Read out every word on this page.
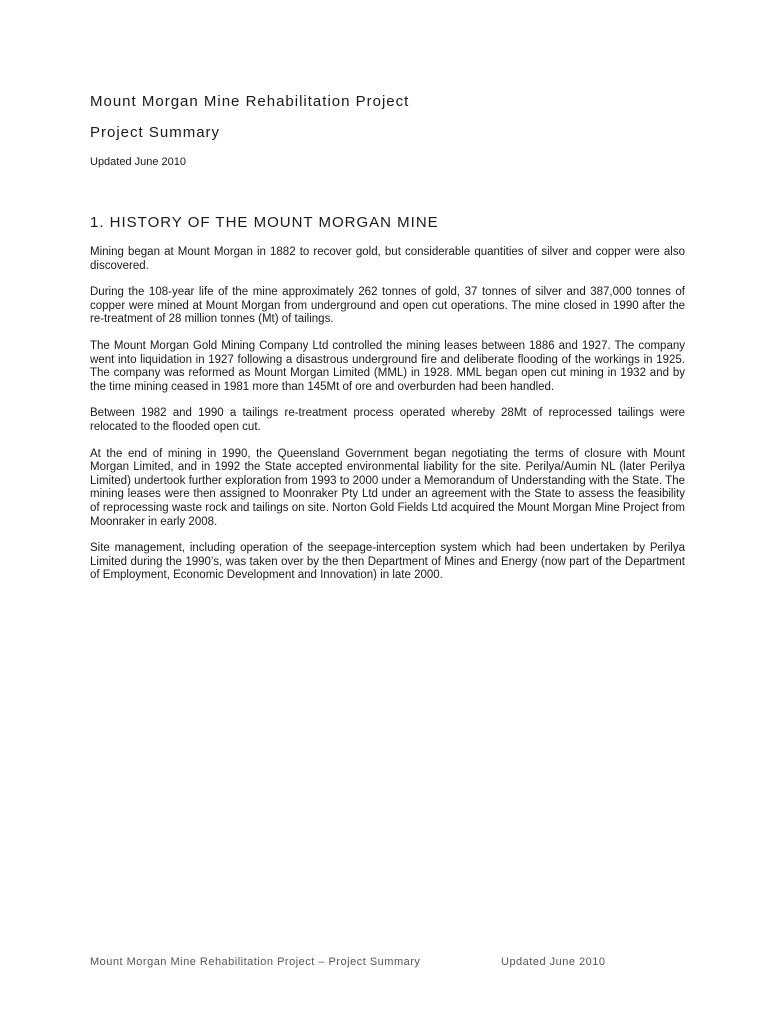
Mount Morgan Mine Rehabilitation Project
Project Summary
Updated June 2010
1. HISTORY OF THE MOUNT MORGAN MINE

Mining began at Mount Morgan in 1882 to recover gold, but considerable quantities of silver and copper were also discovered.

During the 108-year life of the mine approximately 262 tonnes of gold, 37 tonnes of silver and 387,000 tonnes of copper were mined at Mount Morgan from underground and open cut operations. The mine closed in 1990 after the re-treatment of 28 million tonnes (Mt) of tailings.

The Mount Morgan Gold Mining Company Ltd controlled the mining leases between 1886 and 1927. The company went into liquidation in 1927 following a disastrous underground fire and deliberate flooding of the workings in 1925. The company was reformed as Mount Morgan Limited (MML) in 1928. MML began open cut mining in 1932 and by the time mining ceased in 1981 more than 145Mt of ore and overburden had been handled.

Between 1982 and 1990 a tailings re-treatment process operated whereby 28Mt of reprocessed tailings were relocated to the flooded open cut.

At the end of mining in 1990, the Queensland Government began negotiating the terms of closure with Mount Morgan Limited, and in 1992 the State accepted environmental liability for the site. Perilya/Aumin NL (later Perilya Limited) undertook further exploration from 1993 to 2000 under a Memorandum of Understanding with the State. The mining leases were then assigned to Moonraker Pty Ltd under an agreement with the State to assess the feasibility of reprocessing waste rock and tailings on site. Norton Gold Fields Ltd acquired the Mount Morgan Mine Project from Moonraker in early 2008.

Site management, including operation of the seepage-interception system which had been undertaken by Perilya Limited during the 1990’s, was taken over by the then Department of Mines and Energy (now part of the Department of Employment, Economic Development and Innovation) in late 2000.

Mount Morgan Mine Rehabilitation Project – Project Summary	Updated June 2010
